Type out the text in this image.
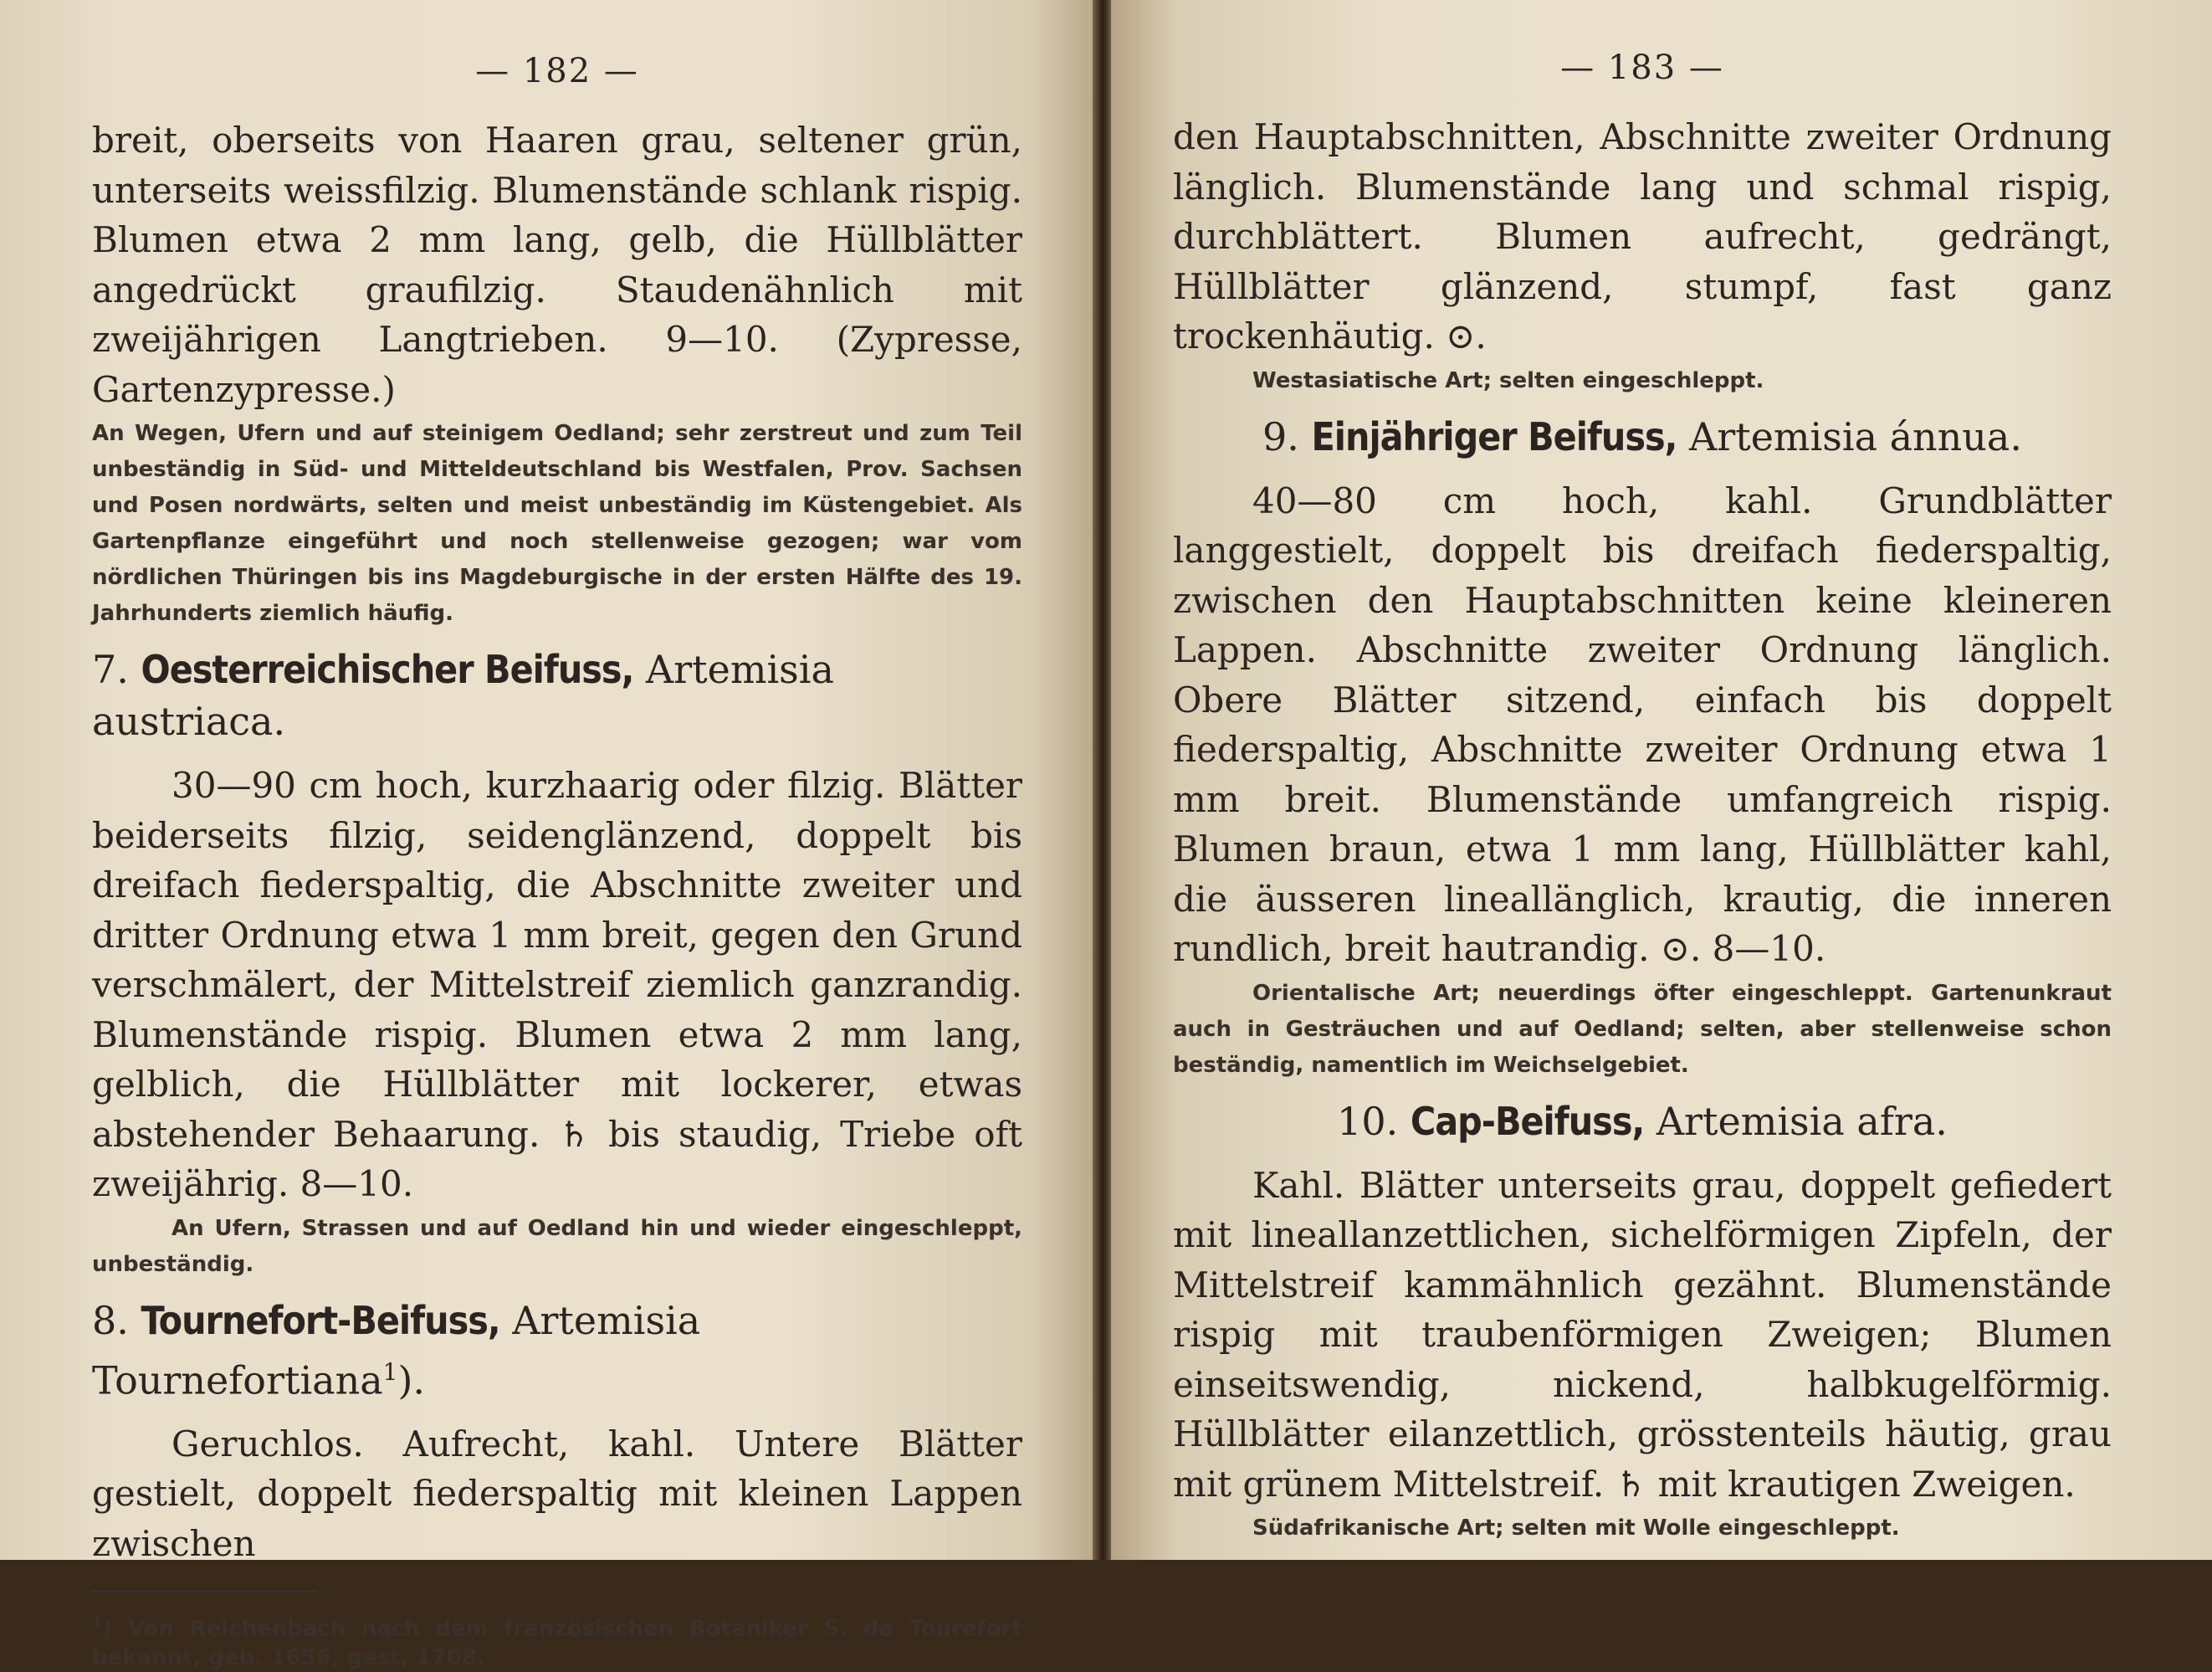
— 182 —

breit, oberseits von Haaren grau, seltener grün, unterseits weissfilzig. Blumenstände schlank rispig. Blumen etwa 2 mm lang, gelb, die Hüllblätter angedrückt graufilzig. Staudenähnlich mit zweijährigen Langtrieben. 9—10. (Zypresse, Gartenzypresse.)

An Wegen, Ufern und auf steinigem Oedland; sehr zerstreut und zum Teil unbeständig in Süd- und Mitteldeutschland bis Westfalen, Prov. Sachsen und Posen nordwärts, selten und meist unbeständig im Küstengebiet. Als Gartenpflanze eingeführt und noch stellenweise gezogen; war vom nördlichen Thüringen bis ins Magdeburgische in der ersten Hälfte des 19. Jahrhunderts ziemlich häufig.

7. Oesterreichischer Beifuss, Artemisia austriaca.

30—90 cm hoch, kurzhaarig oder filzig. Blätter beiderseits filzig, seidenglänzend, doppelt bis dreifach fiederspaltig, die Abschnitte zweiter und dritter Ordnung etwa 1 mm breit, gegen den Grund verschmälert, der Mittelstreif ziemlich ganzrandig. Blumenstände rispig. Blumen etwa 2 mm lang, gelblich, die Hüllblätter mit lockerer, etwas abstehender Behaarung. ♄ bis staudig, Triebe oft zweijährig. 8—10.

An Ufern, Strassen und auf Oedland hin und wieder eingeschleppt, unbeständig.

8. Tournefort-Beifuss, Artemisia Tournefortiana$^1$).

Geruchlos. Aufrecht, kahl. Untere Blätter gestielt, doppelt fiederspaltig mit kleinen Lappen zwischen

$^1$) Von Reichenbach nach dem französischen Botaniker S. de Tourefort bekannt, geb. 1656, gest, 1708.

— 183 —

den Hauptabschnitten, Abschnitte zweiter Ordnung länglich. Blumenstände lang und schmal rispig, durchblättert. Blumen aufrecht, gedrängt, Hüllblätter glänzend, stumpf, fast ganz trockenhäutig. ⊙.

Westasiatische Art; selten eingeschleppt.

9. Einjähriger Beifuss, Artemisia ánnua.

40—80 cm hoch, kahl. Grundblätter langgestielt, doppelt bis dreifach fiederspaltig, zwischen den Hauptabschnitten keine kleineren Lappen. Abschnitte zweiter Ordnung länglich. Obere Blätter sitzend, einfach bis doppelt fiederspaltig, Abschnitte zweiter Ordnung etwa 1 mm breit. Blumenstände umfangreich rispig. Blumen braun, etwa 1 mm lang, Hüllblätter kahl, die äusseren lineallänglich, krautig, die inneren rundlich, breit hautrandig. ⊙. 8—10.

Orientalische Art; neuerdings öfter eingeschleppt. Gartenunkraut auch in Gesträuchen und auf Oedland; selten, aber stellenweise schon beständig, namentlich im Weichselgebiet.

10. Cap-Beifuss, Artemisia afra.

Kahl. Blätter unterseits grau, doppelt gefiedert mit lineallanzettlichen, sichelförmigen Zipfeln, der Mittelstreif kammähnlich gezähnt. Blumenstände rispig mit traubenförmigen Zweigen; Blumen einseitswendig, nickend, halbkugelförmig. Hüllblätter eilanzettlich, grösstenteils häutig, grau mit grünem Mittelstreif. ♄ mit krautigen Zweigen.

Südafrikanische Art; selten mit Wolle eingeschleppt.
